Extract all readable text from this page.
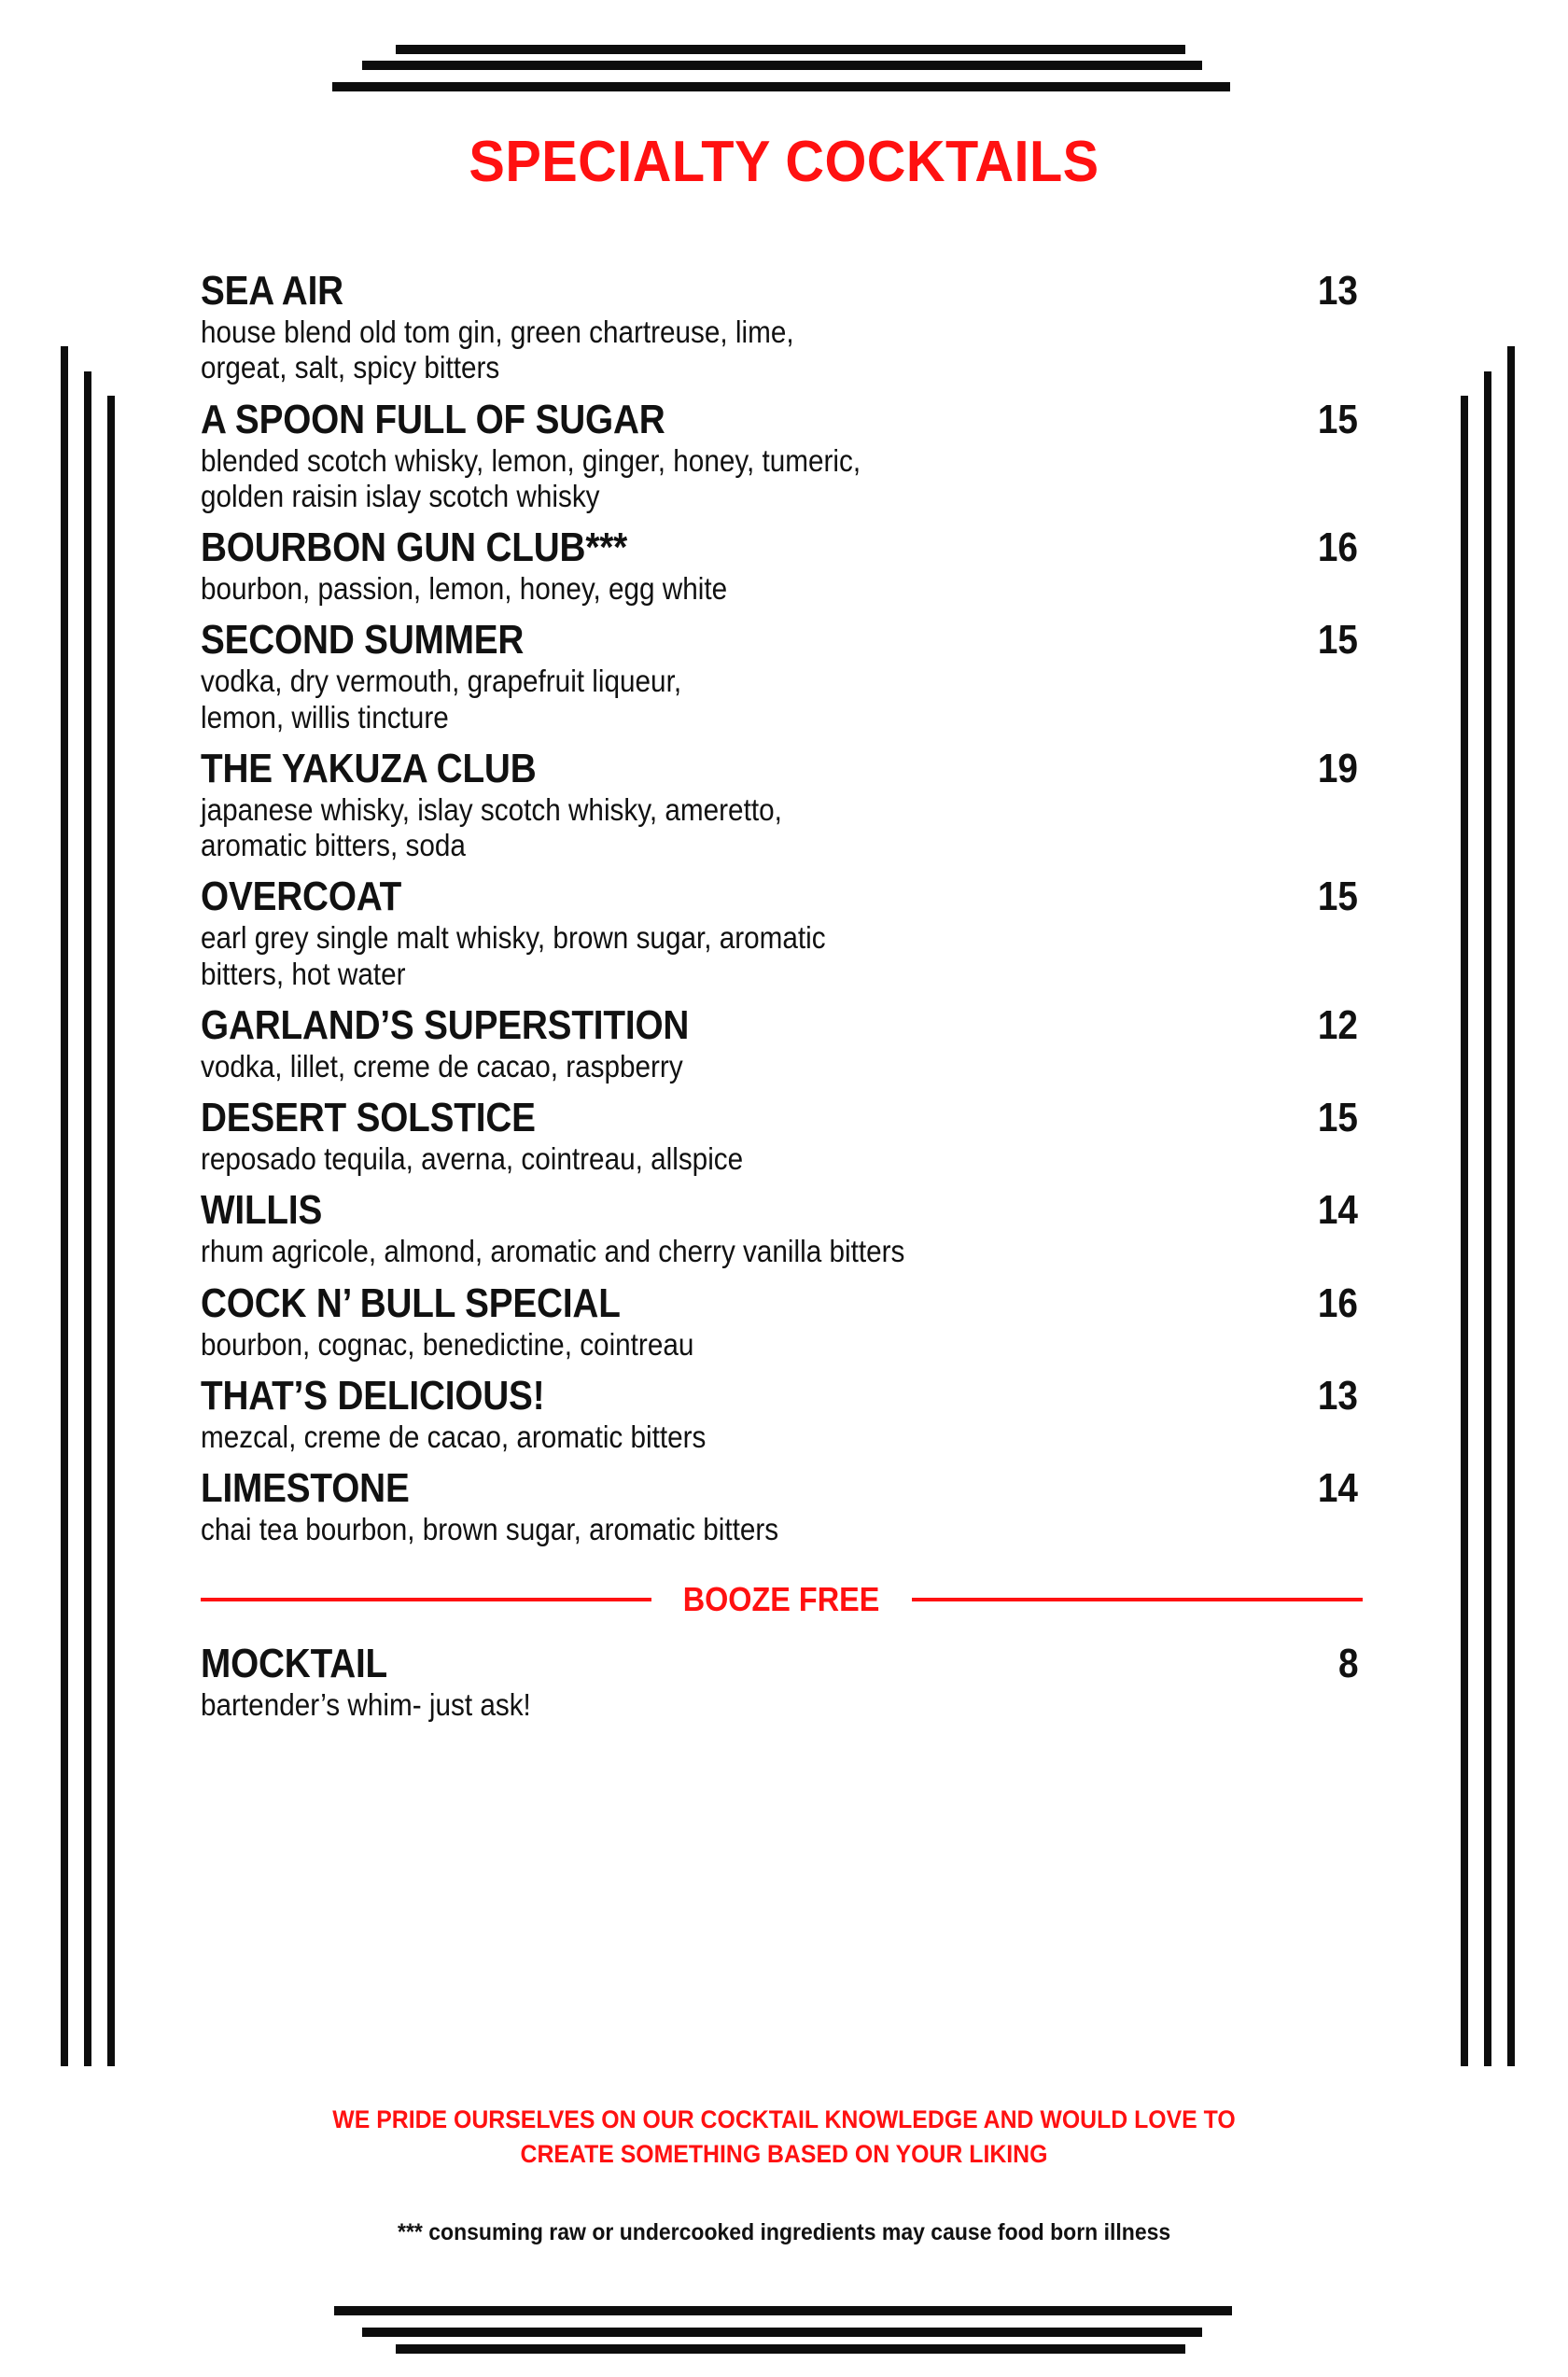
SPECIALTY COCKTAILS
SEA AIR	13
house blend old tom gin, green chartreuse, lime,
orgeat, salt, spicy bitters
A SPOON FULL OF SUGAR	15
blended scotch whisky, lemon, ginger, honey, tumeric,
golden raisin islay scotch whisky
BOURBON GUN CLUB***	16
bourbon, passion, lemon, honey, egg white
SECOND SUMMER	15
vodka, dry vermouth, grapefruit liqueur,
lemon, willis tincture
THE YAKUZA CLUB	19
japanese whisky, islay scotch whisky, ameretto,
aromatic bitters, soda
OVERCOAT	15
earl grey single malt whisky, brown sugar, aromatic
bitters, hot water
GARLAND’S SUPERSTITION	12
vodka, lillet, creme de cacao, raspberry
DESERT SOLSTICE	15
reposado tequila, averna, cointreau, allspice
WILLIS	14
rhum agricole, almond, aromatic and cherry vanilla bitters
COCK N’ BULL SPECIAL	16
bourbon, cognac, benedictine, cointreau
THAT’S DELICIOUS!	13
mezcal, creme de cacao, aromatic bitters
LIMESTONE	14
chai tea bourbon, brown sugar, aromatic bitters
BOOZE FREE
MOCKTAIL	8
bartender’s whim- just ask!
WE PRIDE OURSELVES ON OUR COCKTAIL KNOWLEDGE AND WOULD LOVE TO
CREATE SOMETHING BASED ON YOUR LIKING
*** consuming raw or undercooked ingredients may cause food born illness
